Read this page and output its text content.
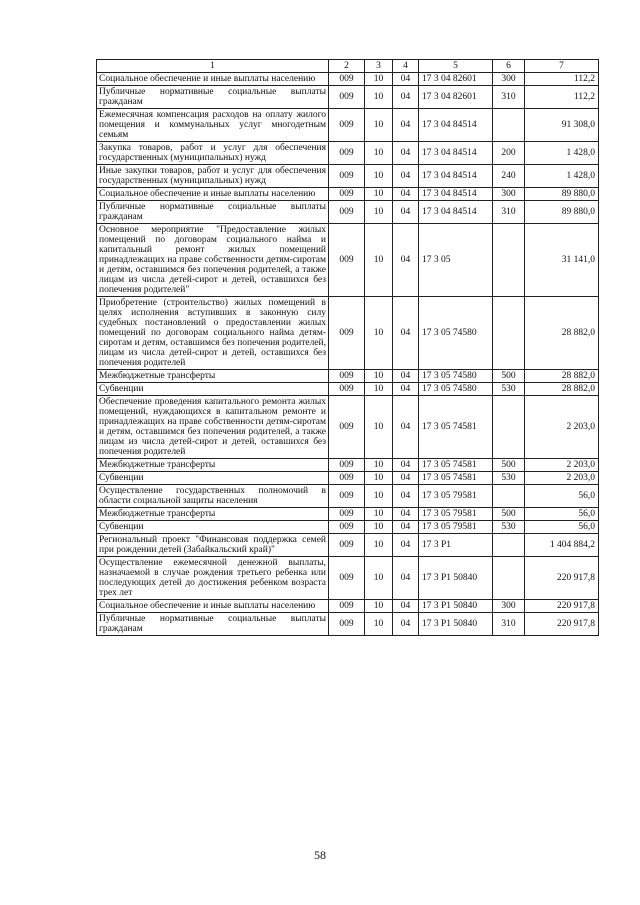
1	2	3	4	5	6	7
Социальное обеспечение и иные выплаты населению	009	10	04	17 3 04 82601	300	112,2
Публичные нормативные социальные выплаты гражданам	009	10	04	17 3 04 82601	310	112,2
Ежемесячная компенсация расходов на оплату жилого помещения и коммунальных услуг многодетным семьям	009	10	04	17 3 04 84514		91 308,0
Закупка товаров, работ и услуг для обеспечения государственных (муниципальных) нужд	009	10	04	17 3 04 84514	200	1 428,0
Иные закупки товаров, работ и услуг для обеспечения государственных (муниципальных) нужд	009	10	04	17 3 04 84514	240	1 428,0
Социальное обеспечение и иные выплаты населению	009	10	04	17 3 04 84514	300	89 880,0
Публичные нормативные социальные выплаты гражданам	009	10	04	17 3 04 84514	310	89 880,0
Основное мероприятие "Предоставление жилых помещений по договорам социального найма и капитальный ремонт жилых помещений принадлежащих на праве собственности детям-сиротам и детям, оставшимся без попечения родителей, а также лицам из числа детей-сирот и детей, оставшихся без попечения родителей"	009	10	04	17 3 05		31 141,0
Приобретение (строительство) жилых помещений в целях исполнения вступивших в законную силу судебных постановлений о предоставлении жилых помещений по договорам социального найма детям-сиротам и детям, оставшимся без попечения родителей, лицам из числа детей-сирот и детей, оставшихся без попечения родителей	009	10	04	17 3 05 74580		28 882,0
Межбюджетные трансферты	009	10	04	17 3 05 74580	500	28 882,0
Субвенции	009	10	04	17 3 05 74580	530	28 882,0
Обеспечение проведения капитального ремонта жилых помещений, нуждающихся в капитальном ремонте и принадлежащих на праве собственности детям-сиротам и детям, оставшимся без попечения родителей, а также лицам из числа детей-сирот и детей, оставшихся без попечения родителей	009	10	04	17 3 05 74581		2 203,0
Межбюджетные трансферты	009	10	04	17 3 05 74581	500	2 203,0
Субвенции	009	10	04	17 3 05 74581	530	2 203,0
Осуществление государственных полномочий в области социальной защиты населения	009	10	04	17 3 05 79581		56,0
Межбюджетные трансферты	009	10	04	17 3 05 79581	500	56,0
Субвенции	009	10	04	17 3 05 79581	530	56,0
Региональный проект "Финансовая поддержка семей при рождении детей (Забайкальский край)"	009	10	04	17 3 P1		1 404 884,2
Осуществление ежемесячной денежной выплаты, назначаемой в случае рождения третьего ребенка или последующих детей до достижения ребенком возраста трех лет	009	10	04	17 3 P1 50840		220 917,8
Социальное обеспечение и иные выплаты населению	009	10	04	17 3 P1 50840	300	220 917,8
Публичные нормативные социальные выплаты гражданам	009	10	04	17 3 P1 50840	310	220 917,8
58
